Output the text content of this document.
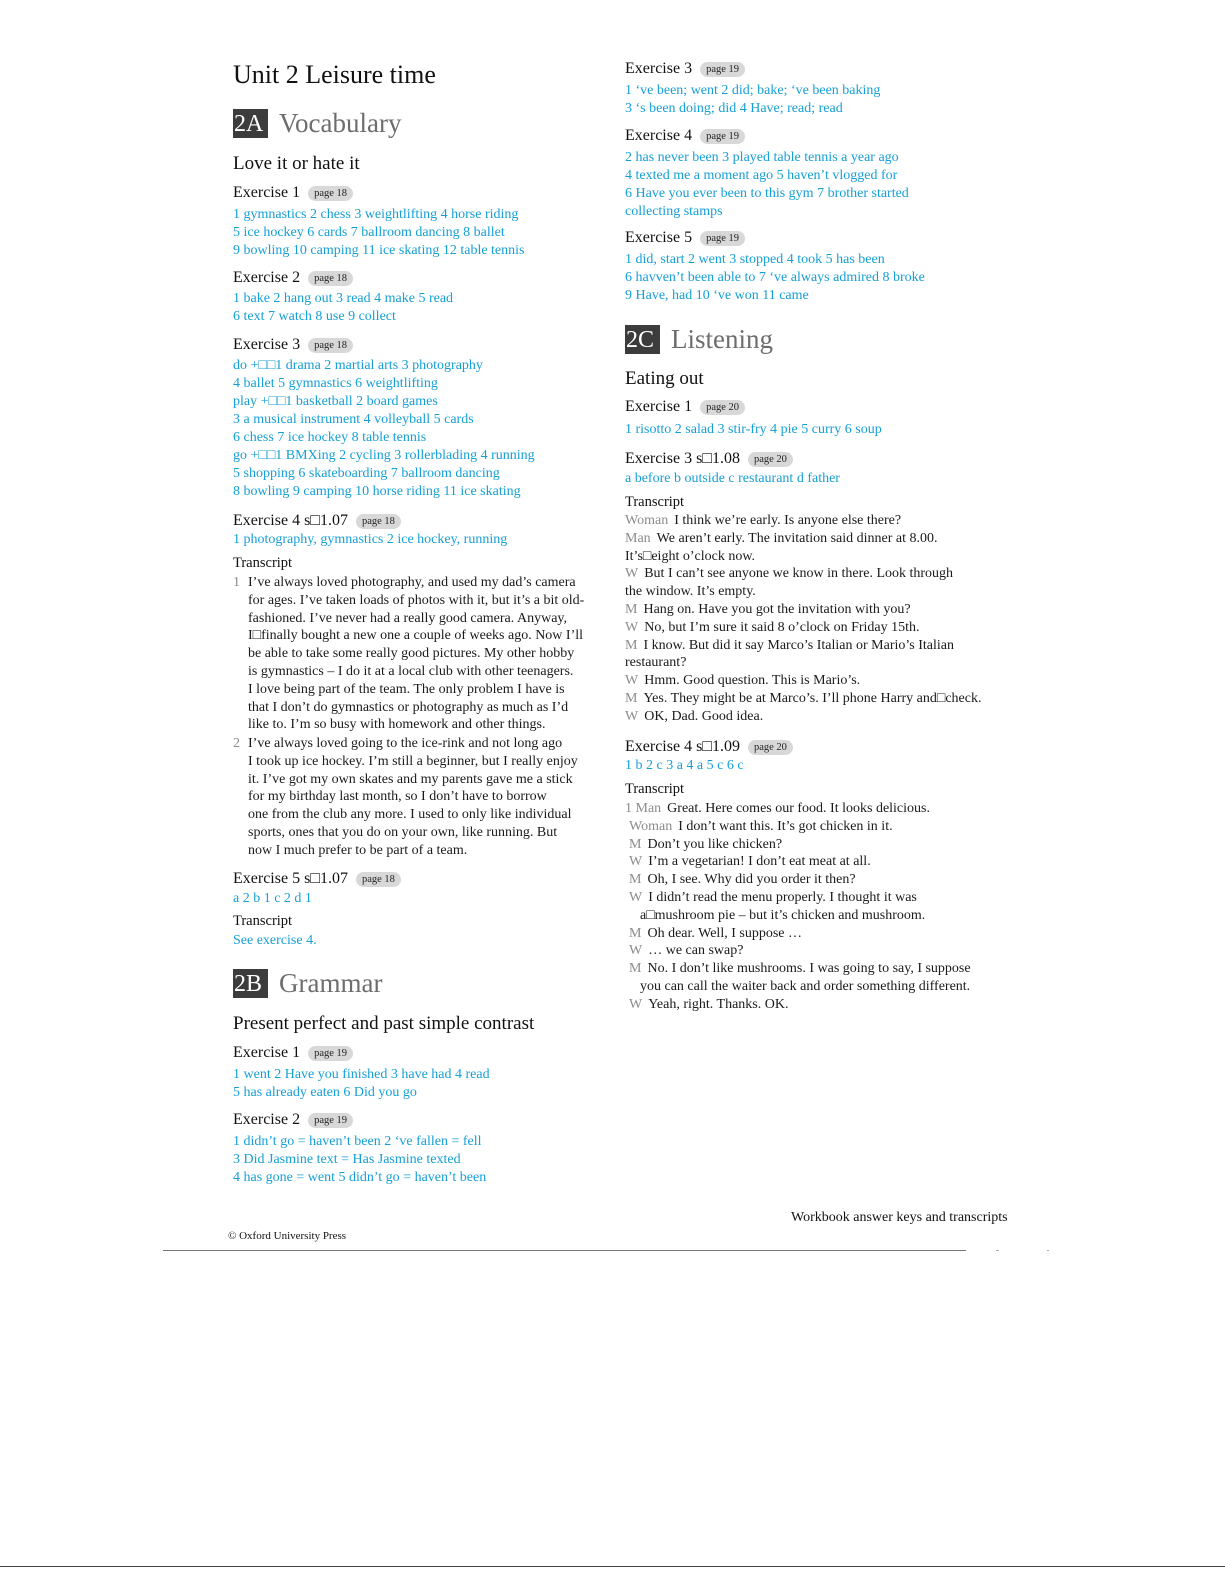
Unit 2 Leisure time
2A Vocabulary
Love it or hate it
Exercise 1	page 18
1 gymnastics 2 chess 3 weightlifting 4 horse riding
5 ice hockey 6 cards 7 ballroom dancing 8 ballet
9 bowling 10 camping 11 ice skating 12 table tennis
Exercise 2	page 18
1 bake 2 hang out 3 read 4 make 5 read
6 text 7 watch 8 use 9 collect
Exercise 3	page 18
do +□□1 drama 2 martial arts 3 photography
4 ballet 5 gymnastics 6 weightlifting
play +□□1 basketball 2 board games
3 a musical instrument 4 volleyball 5 cards
6 chess 7 ice hockey 8 table tennis
go +□□1 BMXing 2 cycling 3 rollerblading 4 running
5 shopping 6 skateboarding 7 ballroom dancing
8 bowling 9 camping 10 horse riding 11 ice skating
Exercise 4 s□1.07	page 18
1 photography, gymnastics 2 ice hockey, running
Transcript
1 I’ve always loved photography, and used my dad’s camera
for ages. I’ve taken loads of photos with it, but it’s a bit old-
fashioned. I’ve never had a really good camera. Anyway,
I□finally bought a new one a couple of weeks ago. Now I’ll
be able to take some really good pictures. My other hobby
is gymnastics – I do it at a local club with other teenagers.
I love being part of the team. The only problem I have is
that I don’t do gymnastics or photography as much as I’d
like to. I’m so busy with homework and other things.
2 I’ve always loved going to the ice-rink and not long ago
I took up ice hockey. I’m still a beginner, but I really enjoy
it. I’ve got my own skates and my parents gave me a stick
for my birthday last month, so I don’t have to borrow
one from the club any more. I used to only like individual
sports, ones that you do on your own, like running. But
now I much prefer to be part of a team.
Exercise 5 s□1.07	page 18
a 2 b 1 c 2 d 1
Transcript
See exercise 4.
2B Grammar
Present perfect and past simple contrast
Exercise 1	page 19
1 went 2 Have you finished 3 have had 4 read
5 has already eaten 6 Did you go
Exercise 2	page 19
1 didn’t go = haven’t been 2 ‘ve fallen = fell
3 Did Jasmine text = Has Jasmine texted
4 has gone = went 5 didn’t go = haven’t been
Exercise 3	page 19
1 ‘ve been; went 2 did; bake; ‘ve been baking
3 ‘s been doing; did 4 Have; read; read
Exercise 4	page 19
2 has never been 3 played table tennis a year ago
4 texted me a moment ago 5 haven’t vlogged for
6 Have you ever been to this gym 7 brother started
collecting stamps
Exercise 5	page 19
1 did, start 2 went 3 stopped 4 took 5 has been
6 havven’t been able to 7 ‘ve always admired 8 broke
9 Have, had 10 ‘ve won 11 came
2C Listening
Eating out
Exercise 1	page 20
1 risotto 2 salad 3 stir-fry 4 pie 5 curry 6 soup
Exercise 3 s□1.08	page 20
a before b outside c restaurant d father
Transcript
Woman I think we’re early. Is anyone else there?
Man We aren’t early. The invitation said dinner at 8.00.
It’s□eight o’clock now.
W But I can’t see anyone we know in there. Look through
the window. It’s empty.
M Hang on. Have you got the invitation with you?
W No, but I’m sure it said 8 o’clock on Friday 15th.
M I know. But did it say Marco’s Italian or Mario’s Italian
restaurant?
W Hmm. Good question. This is Mario’s.
M Yes. They might be at Marco’s. I’ll phone Harry and□check.
W OK, Dad. Good idea.
Exercise 4 s□1.09	page 20
1 b 2 c 3 a 4 a 5 c 6 c
Transcript
1 Man Great. Here comes our food. It looks delicious.
Woman I don’t want this. It’s got chicken in it.
M Don’t you like chicken?
W I’m a vegetarian! I don’t eat meat at all.
M Oh, I see. Why did you order it then?
W I didn’t read the menu properly. I thought it was
a□mushroom pie – but it’s chicken and mushroom.
M Oh dear. Well, I suppose …
W … we can swap?
M No. I don’t like mushrooms. I was going to say, I suppose
you can call the waiter back and order something different.
W Yeah, right. Thanks. OK.
Workbook answer keys and transcripts
© Oxford University Press
